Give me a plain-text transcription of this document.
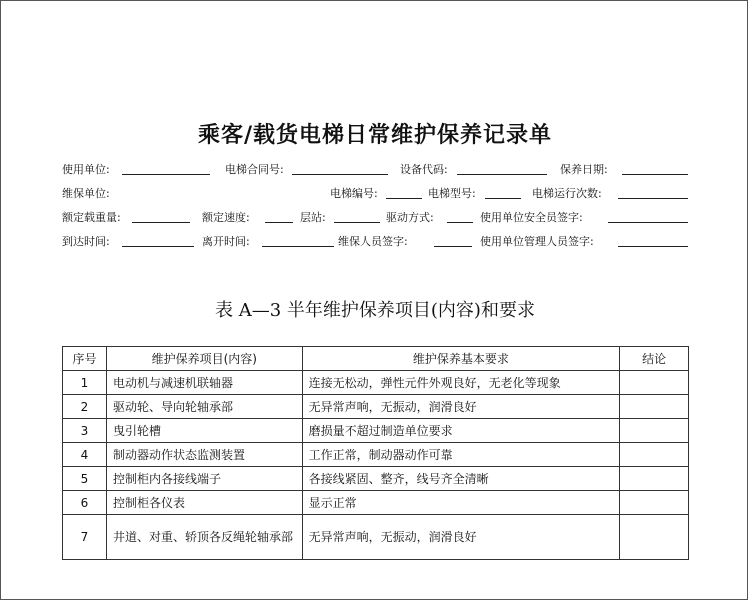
乘客/载货电梯日常维护保养记录单
使用单位:	电梯合同号:	设备代码:	保养日期:
维保单位:	电梯编号:	电梯型号:	电梯运行次数:
额定载重量:	额定速度:	层站:	驱动方式:	使用单位安全员签字:
到达时间:	离开时间:	维保人员签字:	使用单位管理人员签字:
表 A—3 半年维护保养项目(内容)和要求
序号	维护保养项目(内容)	维护保养基本要求	结论
1	电动机与减速机联轴器	连接无松动，弹性元件外观良好，无老化等现象	
2	驱动轮、导向轮轴承部	无异常声响，无振动，润滑良好	
3	曳引轮槽	磨损量不超过制造单位要求	
4	制动器动作状态监测装置	工作正常，制动器动作可靠	
5	控制柜内各接线端子	各接线紧固、整齐，线号齐全清晰	
6	控制柜各仪表	显示正常	
7	井道、对重、轿顶各反绳轮轴承部	无异常声响，无振动，润滑良好	
